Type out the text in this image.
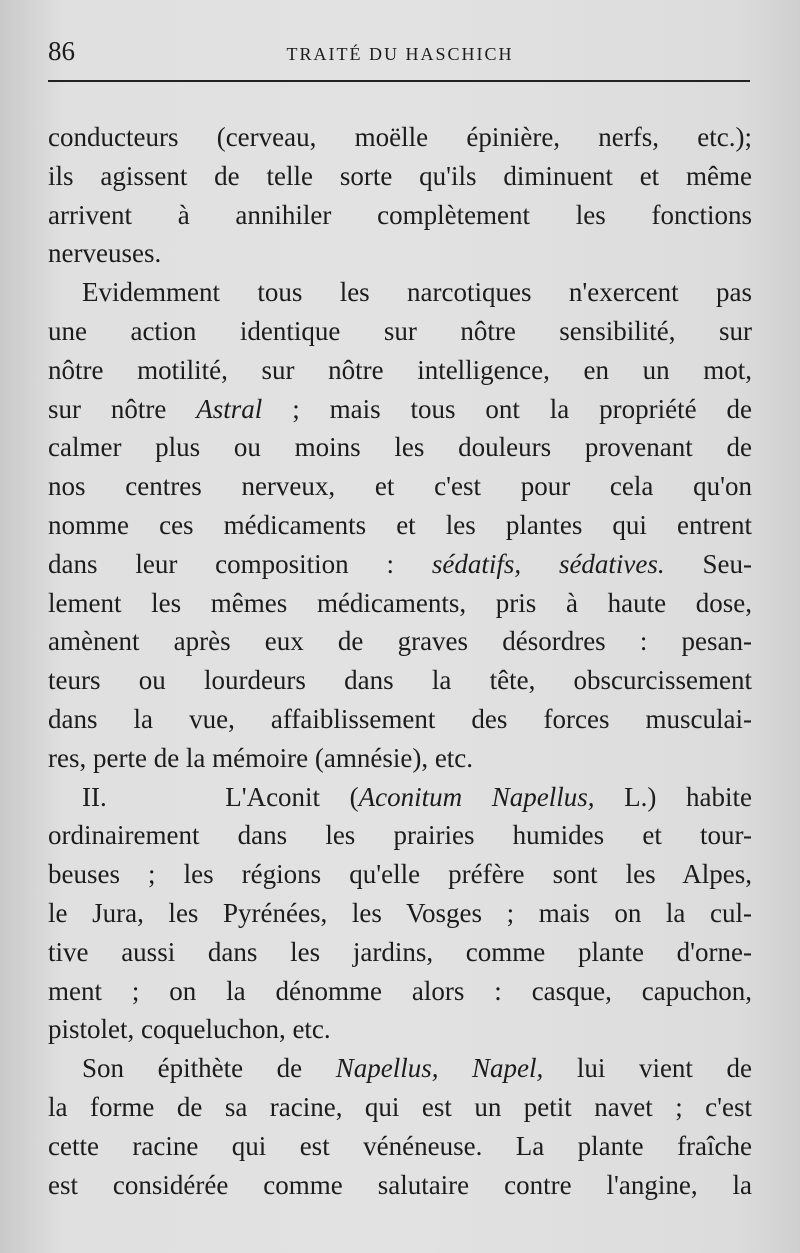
86	TRAITÉ DU HASCHICH
conducteurs (cerveau, moëlle épinière, nerfs, etc.);
ils agissent de telle sorte qu'ils diminuent et même
arrivent à annihiler complètement les fonctions
nerveuses.
Evidemment tous les narcotiques n'exercent pas
une action identique sur nôtre sensibilité, sur
nôtre motilité, sur nôtre intelligence, en un mot,
sur nôtre Astral ; mais tous ont la propriété de
calmer plus ou moins les douleurs provenant de
nos centres nerveux, et c'est pour cela qu'on
nomme ces médicaments et les plantes qui entrent
dans leur composition : sédatifs, sédatives. Seu-
lement les mêmes médicaments, pris à haute dose,
amènent après eux de graves désordres : pesan-
teurs ou lourdeurs dans la tête, obscurcissement
dans la vue, affaiblissement des forces musculai-
res, perte de la mémoire (amnésie), etc.
II.    L'Aconit (Aconitum Napellus, L.) habite
ordinairement dans les prairies humides et tour-
beuses ; les régions qu'elle préfère sont les Alpes,
le Jura, les Pyrénées, les Vosges ; mais on la cul-
tive aussi dans les jardins, comme plante d'orne-
ment ; on la dénomme alors : casque, capuchon,
pistolet, coqueluchon, etc.
Son épithète de Napellus, Napel, lui vient de
la forme de sa racine, qui est un petit navet ; c'est
cette racine qui est vénéneuse. La plante fraîche
est considérée comme salutaire contre l'angine, la
